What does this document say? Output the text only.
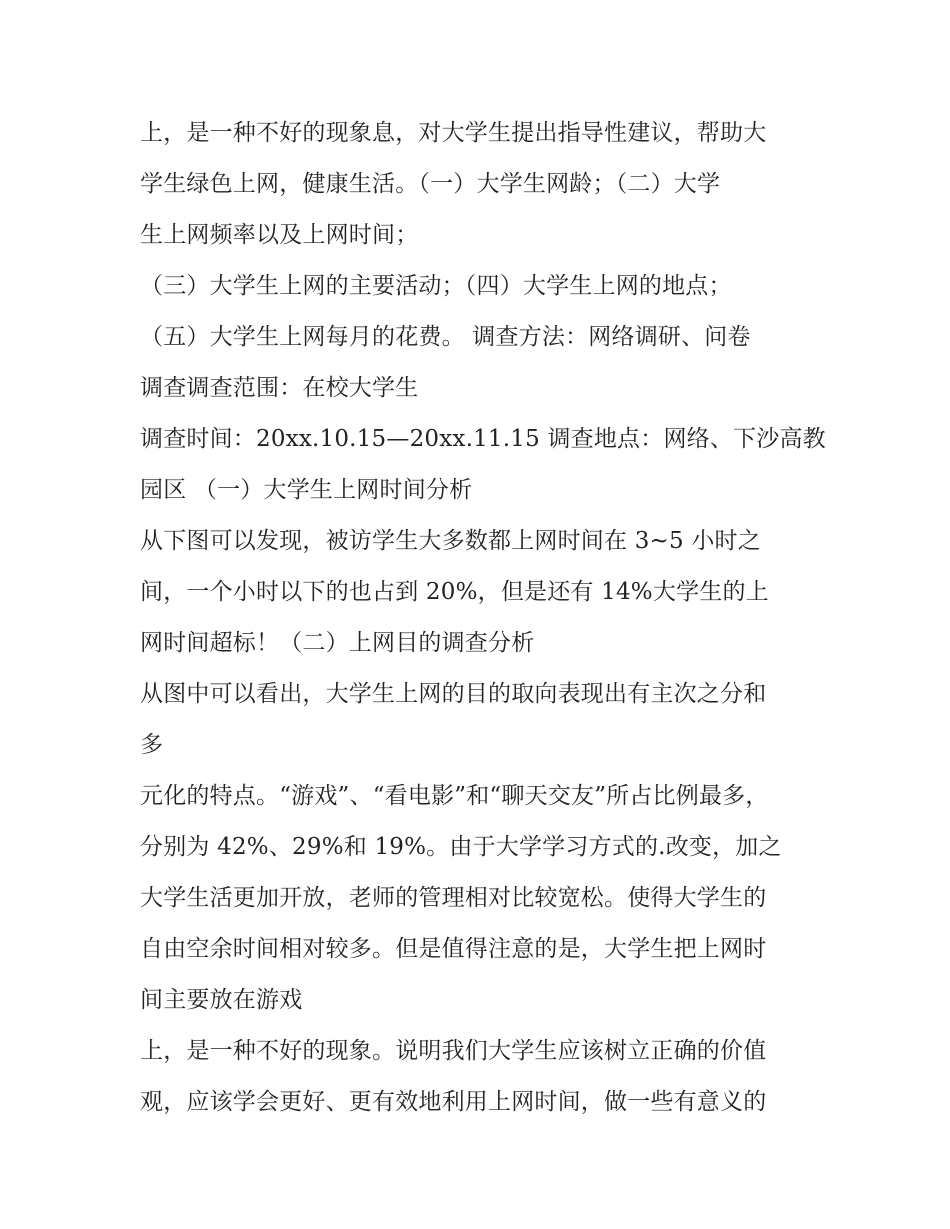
上，是一种不好的现象息，对大学生提出指导性建议，帮助大
学生绿色上网，健康生活。（一）大学生网龄；（二）大学
生上网频率以及上网时间；
（三）大学生上网的主要活动；（四）大学生上网的地点；
（五）大学生上网每月的花费。 调查方法：网络调研、问卷
调查调查范围：在校大学生
调查时间：20xx.10.15—20xx.11.15 调查地点：网络、下沙高教
园区 （一）大学生上网时间分析
从下图可以发现，被访学生大多数都上网时间在 3~5 小时之
间，一个小时以下的也占到 20%，但是还有 14%大学生的上
网时间超标！（二）上网目的调查分析
从图中可以看出，大学生上网的目的取向表现出有主次之分和
多
元化的特点。“游戏”、“看电影”和“聊天交友”所占比例最多，
分别为 42%、29%和 19%。由于大学学习方式的.改变，加之
大学生活更加开放，老师的管理相对比较宽松。使得大学生的
自由空余时间相对较多。但是值得注意的是，大学生把上网时
间主要放在游戏
上，是一种不好的现象。说明我们大学生应该树立正确的价值
观，应该学会更好、更有效地利用上网时间，做一些有意义的
